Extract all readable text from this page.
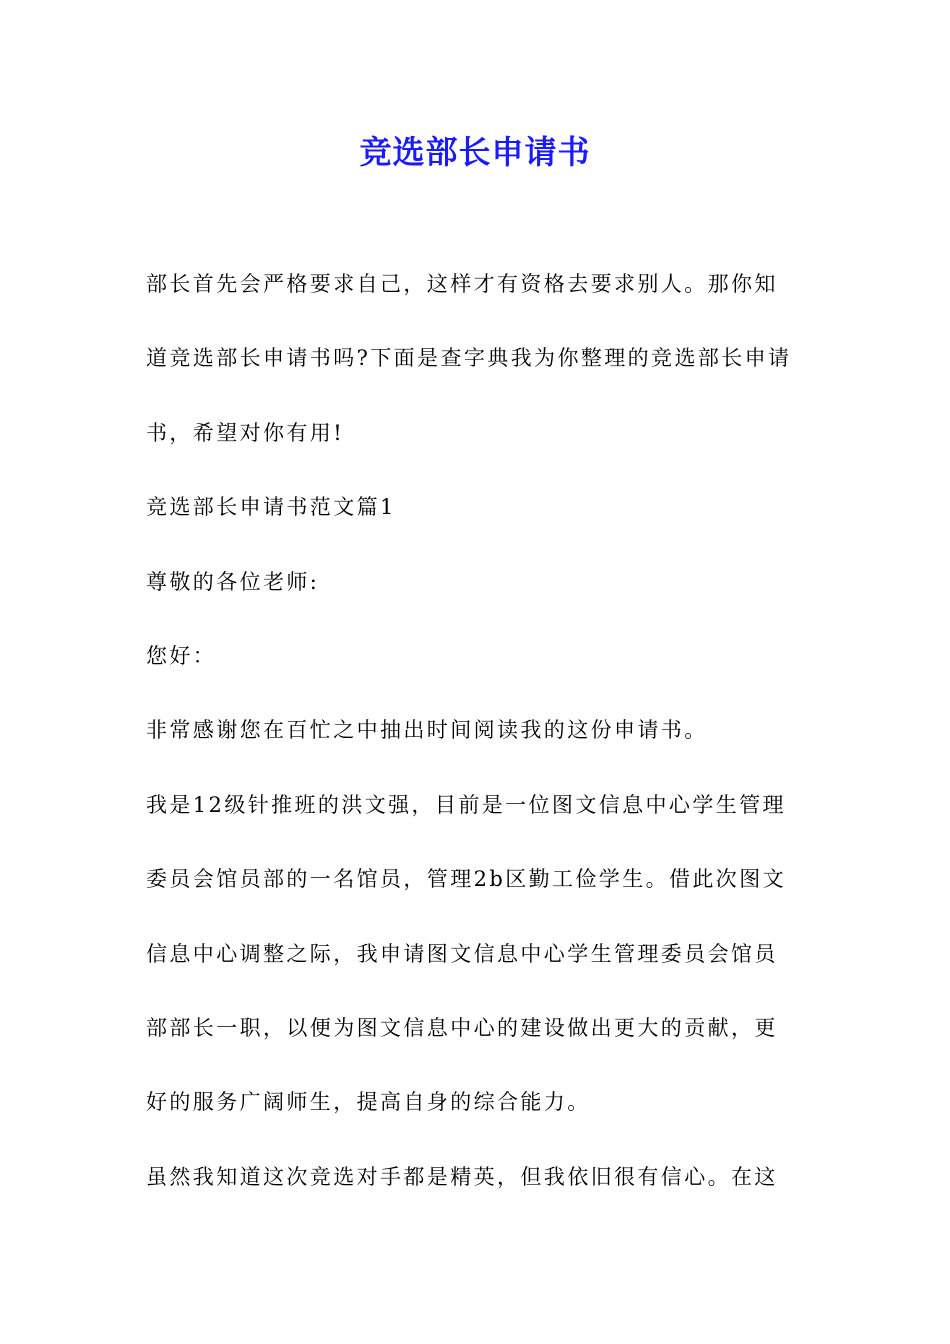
竞选部长申请书
部长首先会严格要求自己，这样才有资格去要求别人。那你知
道竞选部长申请书吗?下面是查字典我为你整理的竞选部长申请
书，希望对你有用!
竞选部长申请书范文篇1
尊敬的各位老师:
您好：
非常感谢您在百忙之中抽出时间阅读我的这份申请书。
我是12级针推班的洪文强，目前是一位图文信息中心学生管理
委员会馆员部的一名馆员，管理2b区勤工俭学生。借此次图文
信息中心调整之际，我申请图文信息中心学生管理委员会馆员
部部长一职，以便为图文信息中心的建设做出更大的贡献，更
好的服务广阔师生，提高自身的综合能力。
虽然我知道这次竞选对手都是精英，但我依旧很有信心。在这
